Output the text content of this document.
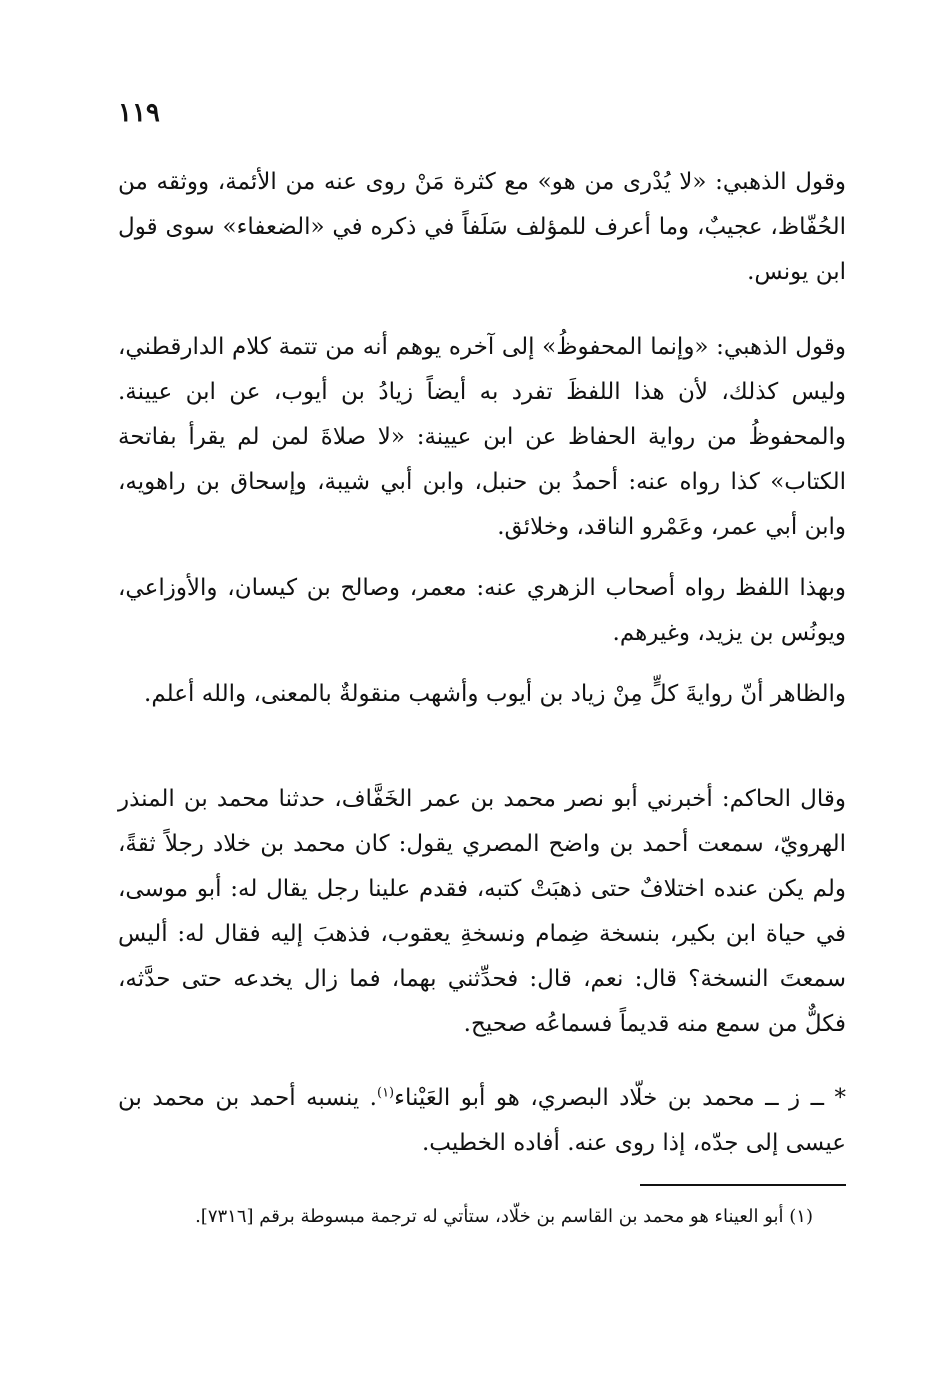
١١٩

وقول الذهبي: «لا يُدْرى من هو» مع كثرة مَنْ روى عنه من الأئمة، ووثقه من الحُفّاظ، عجيبٌ، وما أعرف للمؤلف سَلَفاً في ذكره في «الضعفاء» سوى قول ابن يونس.

وقول الذهبي: «وإنما المحفوظُ» إلى آخره يوهم أنه من تتمة كلام الدارقطني، وليس كذلك، لأن هذا اللفظَ تفرد به أيضاً زيادُ بن أيوب، عن ابن عيينة. والمحفوظُ من رواية الحفاظ عن ابن عيينة: «لا صلاةَ لمن لم يقرأ بفاتحة الكتاب» كذا رواه عنه: أحمدُ بن حنبل، وابن أبي شيبة، وإسحاق بن راهويه، وابن أبي عمر، وعَمْرو الناقد، وخلائق.

وبهذا اللفظ رواه أصحاب الزهري عنه: معمر، وصالح بن كيسان، والأوزاعي، ويونُس بن يزيد، وغيرهم.

والظاهر أنّ روايةَ كلٍّ مِنْ زياد بن أيوب وأشهب منقولةٌ بالمعنى، والله أعلم.

وقال الحاكم: أخبرني أبو نصر محمد بن عمر الخَفَّاف، حدثنا محمد بن المنذر الهرويّ، سمعت أحمد بن واضح المصري يقول: كان محمد بن خلاد رجلاً ثقةً، ولم يكن عنده اختلافٌ حتى ذهبَتْ كتبه، فقدم علينا رجل يقال له: أبو موسى، في حياة ابن بكير، بنسخة ضِمام ونسخةِ يعقوب، فذهبَ إليه فقال له: أليس سمعتَ النسخة؟ قال: نعم، قال: فحدِّثني بهما، فما زال يخدعه حتى حدَّثه، فكلٌّ من سمع منه قديماً فسماعُه صحيح.

* ــ ز ــ محمد بن خلّاد البصري، هو أبو العَيْناء$^{(١)}$. ينسبه أحمد بن محمد بن عيسى إلى جدّه، إذا روى عنه. أفاده الخطيب.

(١) أبو العيناء هو محمد بن القاسم بن خلّاد، ستأتي له ترجمة مبسوطة برقم [٧٣١٦].
